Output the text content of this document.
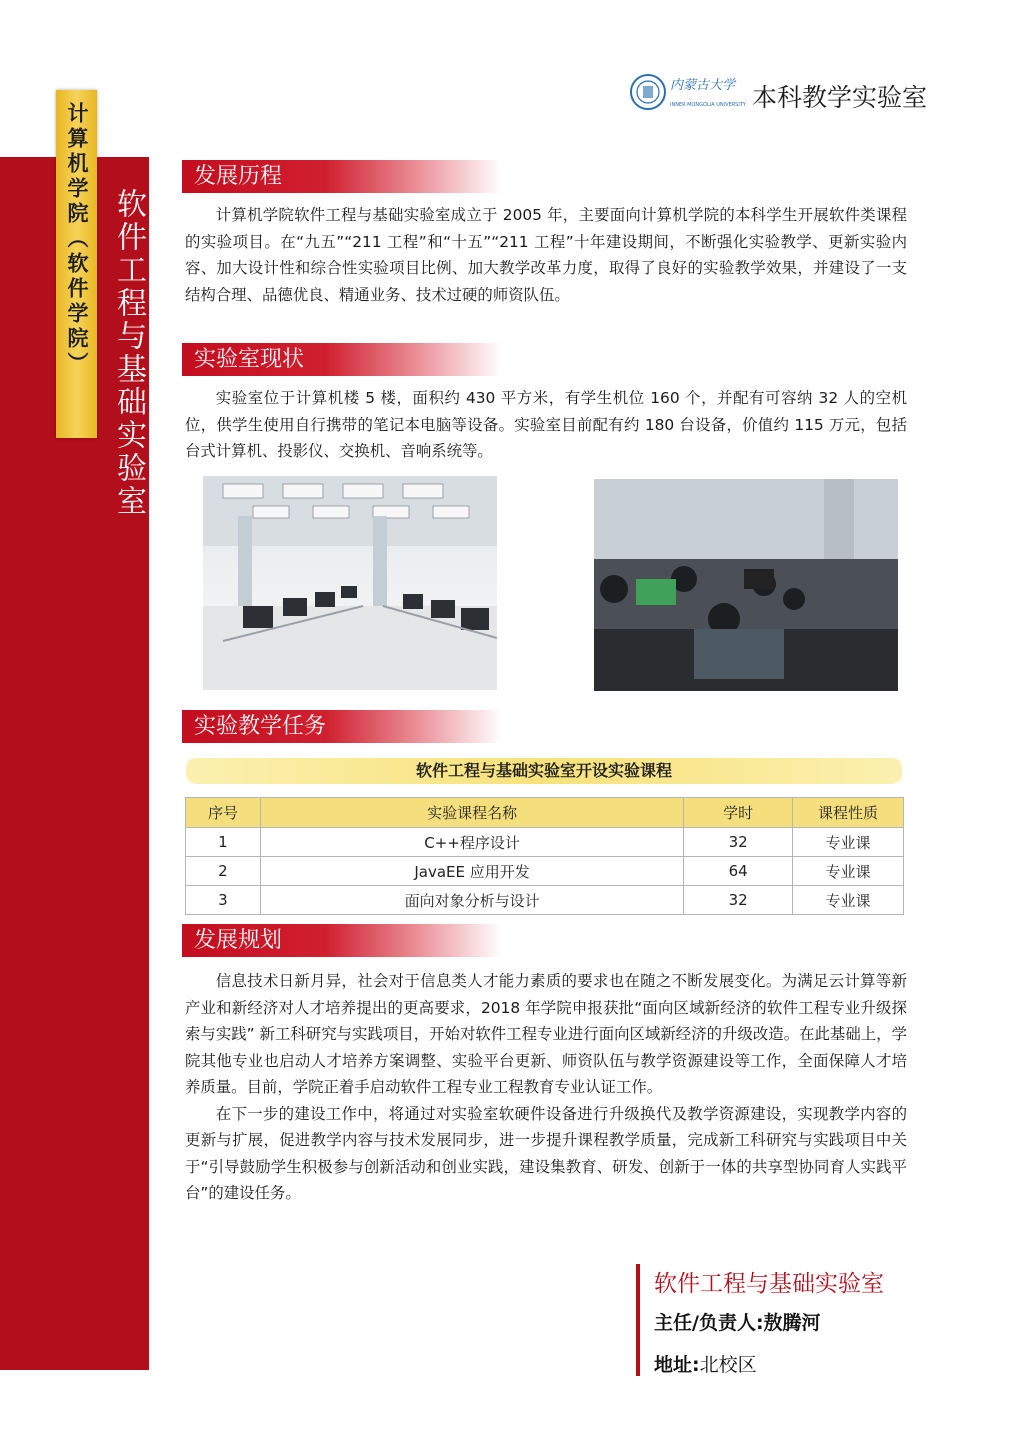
计算机学院（软件学院） 软件工程与基础实验室
内蒙古大学
INNER MONGOLIA UNIVERSITY 本科教学实验室
发展历程

计算机学院软件工程与基础实验室成立于 2005 年，主要面向计算机学院的本科学生开展软件类课程的实验项目。在“九五”“211 工程”和“十五”“211 工程”十年建设期间，不断强化实验教学、更新实验内容、加大设计性和综合性实验项目比例、加大教学改革力度，取得了良好的实验教学效果，并建设了一支结构合理、品德优良、精通业务、技术过硬的师资队伍。

实验室现状

实验室位于计算机楼 5 楼，面积约 430 平方米，有学生机位 160 个，并配有可容纳 32 人的空机位，供学生使用自行携带的笔记本电脑等设备。实验室目前配有约 180 台设备，价值约 115 万元，包括台式计算机、投影仪、交换机、音响系统等。

实验教学任务
软件工程与基础实验室开设实验课程
序号	实验课程名称	学时	课程性质
1	C++程序设计	32	专业课
2	JavaEE 应用开发	64	专业课
3	面向对象分析与设计	32	专业课
发展规划

信息技术日新月异，社会对于信息类人才能力素质的要求也在随之不断发展变化。为满足云计算等新产业和新经济对人才培养提出的更高要求，2018 年学院申报获批“面向区域新经济的软件工程专业升级探索与实践” 新工科研究与实践项目，开始对软件工程专业进行面向区域新经济的升级改造。在此基础上，学院其他专业也启动人才培养方案调整、实验平台更新、师资队伍与教学资源建设等工作，全面保障人才培养质量。目前，学院正着手启动软件工程专业工程教育专业认证工作。

在下一步的建设工作中，将通过对实验室软硬件设备进行升级换代及教学资源建设，实现教学内容的更新与扩展，促进教学内容与技术发展同步，进一步提升课程教学质量，完成新工科研究与实践项目中关于“引导鼓励学生积极参与创新活动和创业实践，建设集教育、研发、创新于一体的共享型协同育人实践平台”的建设任务。

软件工程与基础实验室
主任/负责人:敖腾河
地址:北校区
